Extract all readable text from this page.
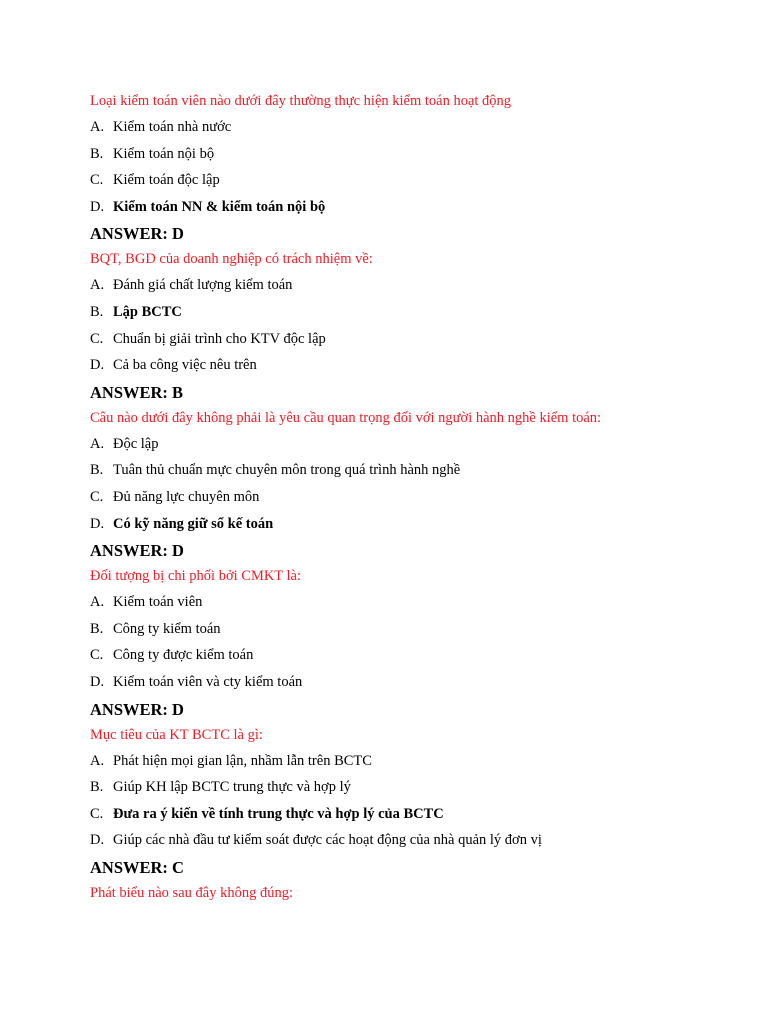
Loại kiểm toán viên nào dưới đây thường thực hiện kiểm toán hoạt động
A. Kiểm toán nhà nước
B. Kiểm toán nội bộ
C. Kiểm toán độc lập
D. Kiểm toán NN & kiểm toán nội bộ
ANSWER: D
BQT, BGD của doanh nghiệp có trách nhiệm về:
A. Đánh giá chất lượng kiểm toán
B. Lập BCTC
C. Chuẩn bị giải trình cho KTV độc lập
D. Cả ba công việc nêu trên
ANSWER: B
Câu nào dưới đây không phải là yêu cầu quan trọng đối với người hành nghề kiểm toán:
A. Độc lập
B. Tuân thủ chuẩn mực chuyên môn trong quá trình hành nghề
C. Đủ năng lực chuyên môn
D. Có kỹ năng giữ sổ kế toán
ANSWER: D
Đối tượng bị chi phối bởi CMKT là:
A. Kiểm toán viên
B. Công ty kiểm toán
C. Công ty được kiểm toán
D. Kiểm toán viên và cty kiểm toán
ANSWER: D
Mục tiêu của KT BCTC là gì:
A. Phát hiện mọi gian lận, nhầm lẫn trên BCTC
B. Giúp KH lập BCTC trung thực và hợp lý
C. Đưa ra ý kiến về tính trung thực và hợp lý của BCTC
D. Giúp các nhà đầu tư kiểm soát được các hoạt động của nhà quản lý đơn vị
ANSWER: C
Phát biểu nào sau đây không đúng:
